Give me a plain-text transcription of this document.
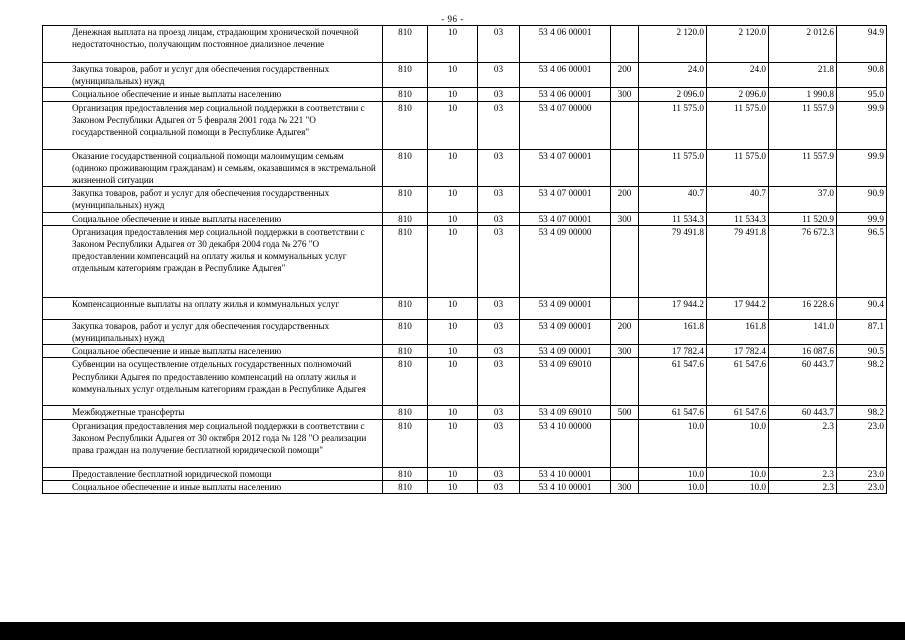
- 96 -
Денежная выплата на проезд лицам, страдающим хронической почечной недостаточностью, получающим постоянное диализное лечение	810	10	03	53 4 06 00001		2 120.0	2 120.0	2 012.6	94.9
Закупка товаров, работ и услуг для обеспечения государственных (муниципальных) нужд	810	10	03	53 4 06 00001	200	24.0	24.0	21.8	90.8
Социальное обеспечение и иные выплаты населению	810	10	03	53 4 06 00001	300	2 096.0	2 096.0	1 990.8	95.0
Организация предоставления мер социальной поддержки в соответствии с Законом Республики Адыгея от 5 февраля 2001 года № 221 "О государственной социальной помощи в Республике Адыгея"	810	10	03	53 4 07 00000		11 575.0	11 575.0	11 557.9	99.9
Оказание государственной социальной помощи малоимущим семьям (одиноко проживающим гражданам) и семьям, оказавшимся в экстремальной жизненной ситуации	810	10	03	53 4 07 00001		11 575.0	11 575.0	11 557.9	99.9
Закупка товаров, работ и услуг для обеспечения государственных (муниципальных) нужд	810	10	03	53 4 07 00001	200	40.7	40.7	37.0	90.9
Социальное обеспечение и иные выплаты населению	810	10	03	53 4 07 00001	300	11 534.3	11 534.3	11 520.9	99.9
Организация предоставления мер социальной поддержки в соответствии с Законом Республики Адыгея от 30 декабря 2004 года № 276 "О предоставлении компенсаций на оплату жилья и коммунальных услуг отдельным категориям граждан в Республике Адыгея"	810	10	03	53 4 09 00000		79 491.8	79 491.8	76 672.3	96.5
Компенсационные выплаты на оплату жилья и коммунальных услуг	810	10	03	53 4 09 00001		17 944.2	17 944.2	16 228.6	90.4
Закупка товаров, работ и услуг для обеспечения государственных (муниципальных) нужд	810	10	03	53 4 09 00001	200	161.8	161.8	141.0	87.1
Социальное обеспечение и иные выплаты населению	810	10	03	53 4 09 00001	300	17 782.4	17 782.4	16 087.6	90.5
Субвенции на осуществление отдельных государственных полномочий Республики Адыгея по предоставлению компенсаций на оплату жилья и коммунальных услуг отдельным категориям граждан в Республике Адыгея	810	10	03	53 4 09 69010		61 547.6	61 547.6	60 443.7	98.2
Межбюджетные трансферты	810	10	03	53 4 09 69010	500	61 547.6	61 547.6	60 443.7	98.2
Организация предоставления мер социальной поддержки в соответствии с Законом Республики Адыгея от 30 октября 2012 года № 128 "О реализации права граждан на получение бесплатной юридической помощи"	810	10	03	53 4 10 00000		10.0	10.0	2.3	23.0
Предоставление бесплатной юридической помощи	810	10	03	53 4 10 00001		10.0	10.0	2.3	23.0
Социальное обеспечение и иные выплаты населению	810	10	03	53 4 10 00001	300	10.0	10.0	2.3	23.0
